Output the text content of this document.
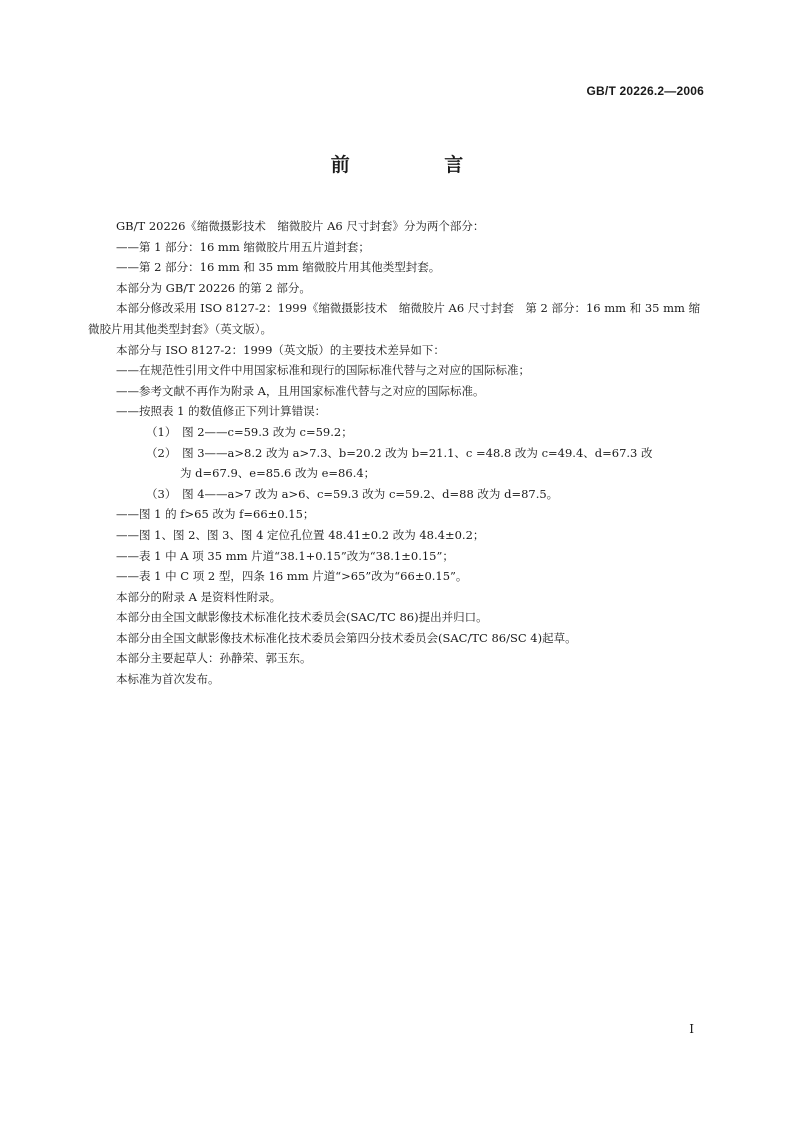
GB/T 20226.2—2006
前 言

GB/T 20226《缩微摄影技术　缩微胶片 A6 尺寸封套》分为两个部分：

——第 1 部分：16 mm 缩微胶片用五片道封套；

——第 2 部分：16 mm 和 35 mm 缩微胶片用其他类型封套。

本部分为 GB/T 20226 的第 2 部分。

本部分修改采用 ISO 8127-2：1999《缩微摄影技术　缩微胶片 A6 尺寸封套　第 2 部分：16 mm 和 35 mm 缩微胶片用其他类型封套》（英文版）。

本部分与 ISO 8127-2：1999（英文版）的主要技术差异如下：

——在规范性引用文件中用国家标准和现行的国际标准代替与之对应的国际标准；

——参考文献不再作为附录 A，且用国家标准代替与之对应的国际标准。

——按照表 1 的数值修正下列计算错误：

（1）　图 2——c=59.3 改为 c=59.2；

（2）　图 3——a>8.2 改为 a>7.3、b=20.2 改为 b=21.1、c =48.8 改为 c=49.4、d=67.3 改

为 d=67.9、e=85.6 改为 e=86.4；

（3）　图 4——a>7 改为 a>6、c=59.3 改为 c=59.2、d=88 改为 d=87.5。

——图 1 的 f>65 改为 f=66±0.15；

——图 1、图 2、图 3、图 4 定位孔位置 48.41±0.2 改为 48.4±0.2；

——表 1 中 A 项 35 mm 片道“38.1+0.15”改为“38.1±0.15”；

——表 1 中 C 项 2 型，四条 16 mm 片道“>65”改为“66±0.15”。

本部分的附录 A 是资料性附录。

本部分由全国文献影像技术标准化技术委员会(SAC/TC 86)提出并归口。

本部分由全国文献影像技术标准化技术委员会第四分技术委员会(SAC/TC 86/SC 4)起草。

本部分主要起草人：孙静荣、郭玉东。

本标准为首次发布。

I
